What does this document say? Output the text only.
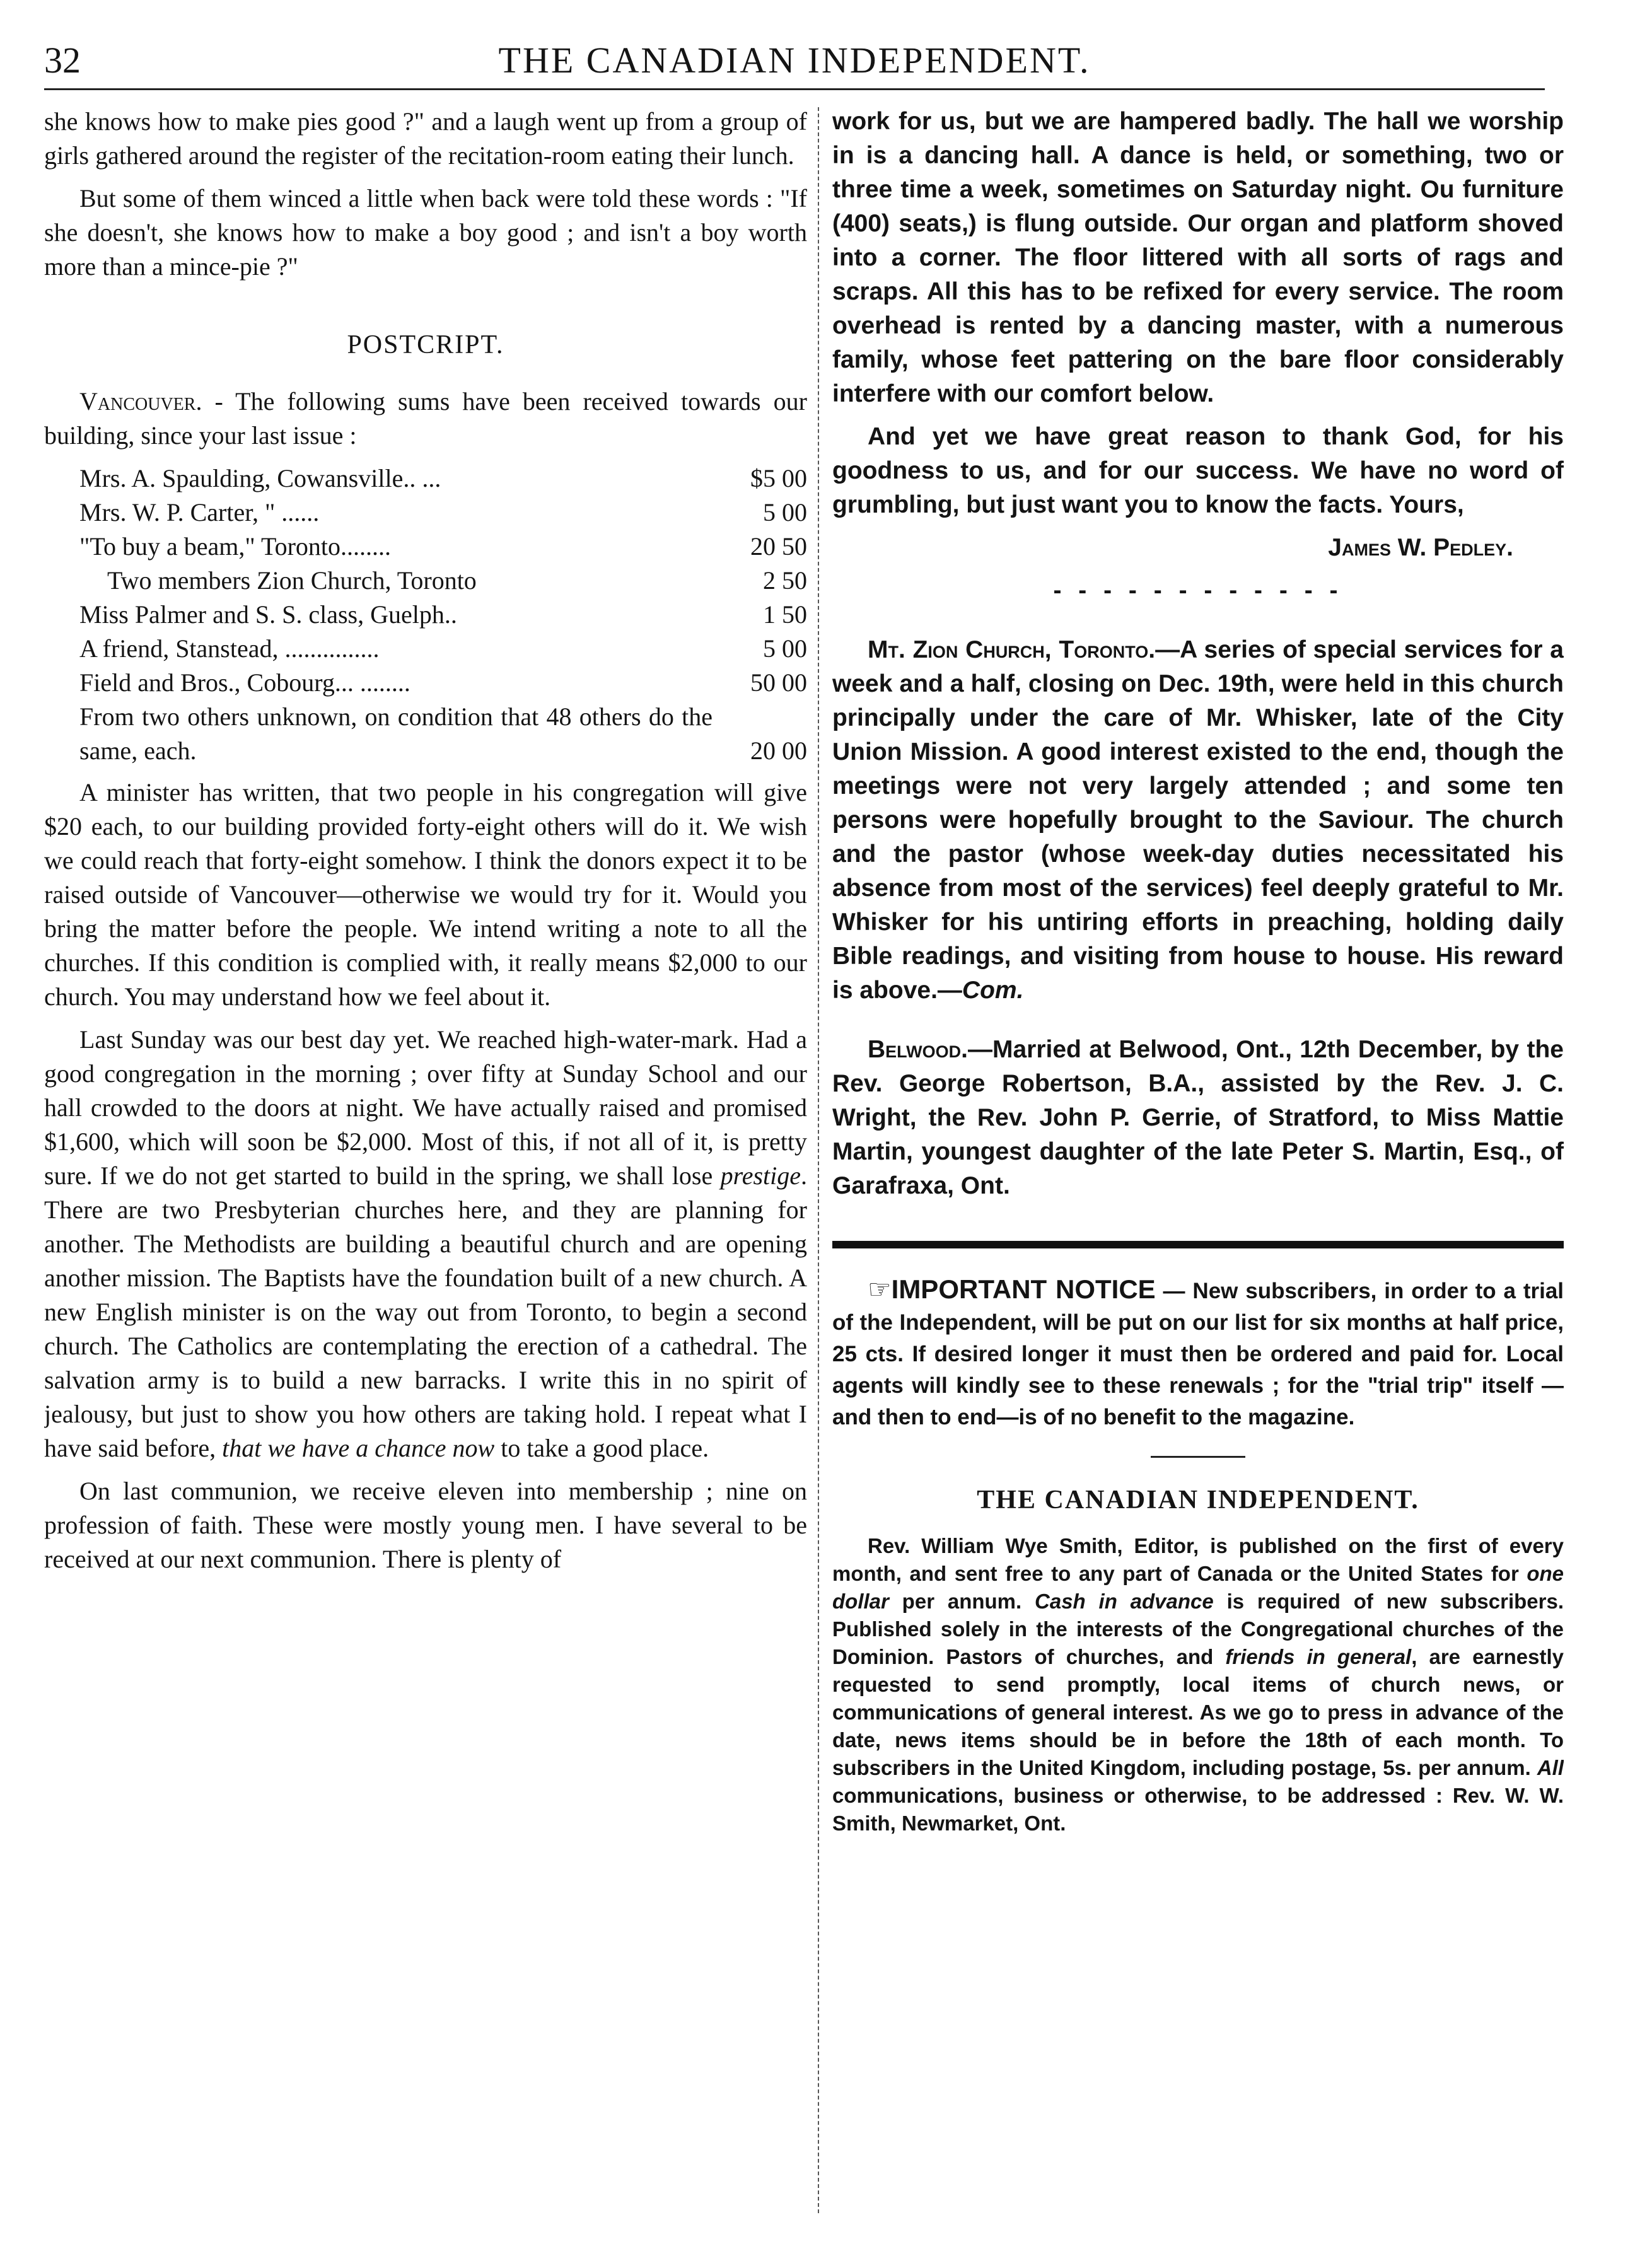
32	THE CANADIAN INDEPENDENT.

she knows how to make pies good ?" and a laugh went up from a group of girls gathered around the register of the recitation-room eating their lunch.

But some of them winced a little when back were told these words : "If she doesn't, she knows how to make a boy good ; and isn't a boy worth more than a mince-pie ?"

POSTCRIPT.

Vancouver. - The following sums have been received towards our building, since your last issue :

Mrs. A. Spaulding, Cowansville.. ...	$5 00
Mrs. W. P. Carter, " ......	5 00
"To buy a beam," Toronto........	20 50
Two members Zion Church, Toronto	2 50
Miss Palmer and S. S. class, Guelph..	1 50
A friend, Stanstead, ...............	5 00
Field and Bros., Cobourg... ........	50 00
From two others unknown, on condition that 48 others do the same, each.	20 00

A minister has written, that two people in his congregation will give $20 each, to our building provided forty-eight others will do it. We wish we could reach that forty-eight somehow. I think the donors expect it to be raised outside of Vancouver—otherwise we would try for it. Would you bring the matter before the people. We intend writing a note to all the churches. If this condition is complied with, it really means $2,000 to our church. You may understand how we feel about it.

Last Sunday was our best day yet. We reached high-water-mark. Had a good congregation in the morning ; over fifty at Sunday School and our hall crowded to the doors at night. We have actually raised and promised $1,600, which will soon be $2,000. Most of this, if not all of it, is pretty sure. If we do not get started to build in the spring, we shall lose prestige. There are two Presbyterian churches here, and they are planning for another. The Methodists are building a beautiful church and are opening another mission. The Baptists have the foundation built of a new church. A new English minister is on the way out from Toronto, to begin a second church. The Catholics are contemplating the erection of a cathedral. The salvation army is to build a new barracks. I write this in no spirit of jealousy, but just to show you how others are taking hold. I repeat what I have said before, that we have a chance now to take a good place.

On last communion, we receive eleven into membership ; nine on profession of faith. These were mostly young men. I have several to be received at our next communion. There is plenty of

work for us, but we are hampered badly. The hall we worship in is a dancing hall. A dance is held, or something, two or three time a week, sometimes on Saturday night. Ou furniture (400) seats,) is flung outside. Our organ and platform shoved into a corner. The floor littered with all sorts of rags and scraps. All this has to be refixed for every service. The room overhead is rented by a dancing master, with a numerous family, whose feet pattering on the bare floor considerably interfere with our comfort below.

And yet we have great reason to thank God, for his goodness to us, and for our success. We have no word of grumbling, but just want you to know the facts. Yours,

James W. Pedley.

- - - - - - - - - - - -

Mt. Zion Church, Toronto.—A series of special services for a week and a half, closing on Dec. 19th, were held in this church principally under the care of Mr. Whisker, late of the City Union Mission. A good interest existed to the end, though the meetings were not very largely attended ; and some ten persons were hopefully brought to the Saviour. The church and the pastor (whose week-day duties necessitated his absence from most of the services) feel deeply grateful to Mr. Whisker for his untiring efforts in preaching, holding daily Bible readings, and visiting from house to house. His reward is above.—Com.

Belwood.—Married at Belwood, Ont., 12th December, by the Rev. George Robertson, B.A., assisted by the Rev. J. C. Wright, the Rev. John P. Gerrie, of Stratford, to Miss Mattie Martin, youngest daughter of the late Peter S. Martin, Esq., of Garafraxa, Ont.

☞IMPORTANT NOTICE — New subscribers, in order to a trial of the Independent, will be put on our list for six months at half price, 25 cts. If desired longer it must then be ordered and paid for. Local agents will kindly see to these renewals ; for the "trial trip" itself —and then to end—is of no benefit to the magazine.

THE CANADIAN INDEPENDENT.

Rev. William Wye Smith, Editor, is published on the first of every month, and sent free to any part of Canada or the United States for one dollar per annum. Cash in advance is required of new subscribers. Published solely in the interests of the Congregational churches of the Dominion. Pastors of churches, and friends in general, are earnestly requested to send promptly, local items of church news, or communications of general interest. As we go to press in advance of the date, news items should be in before the 18th of each month. To subscribers in the United Kingdom, including postage, 5s. per annum. All communications, business or otherwise, to be addressed : Rev. W. W. Smith, Newmarket, Ont.
